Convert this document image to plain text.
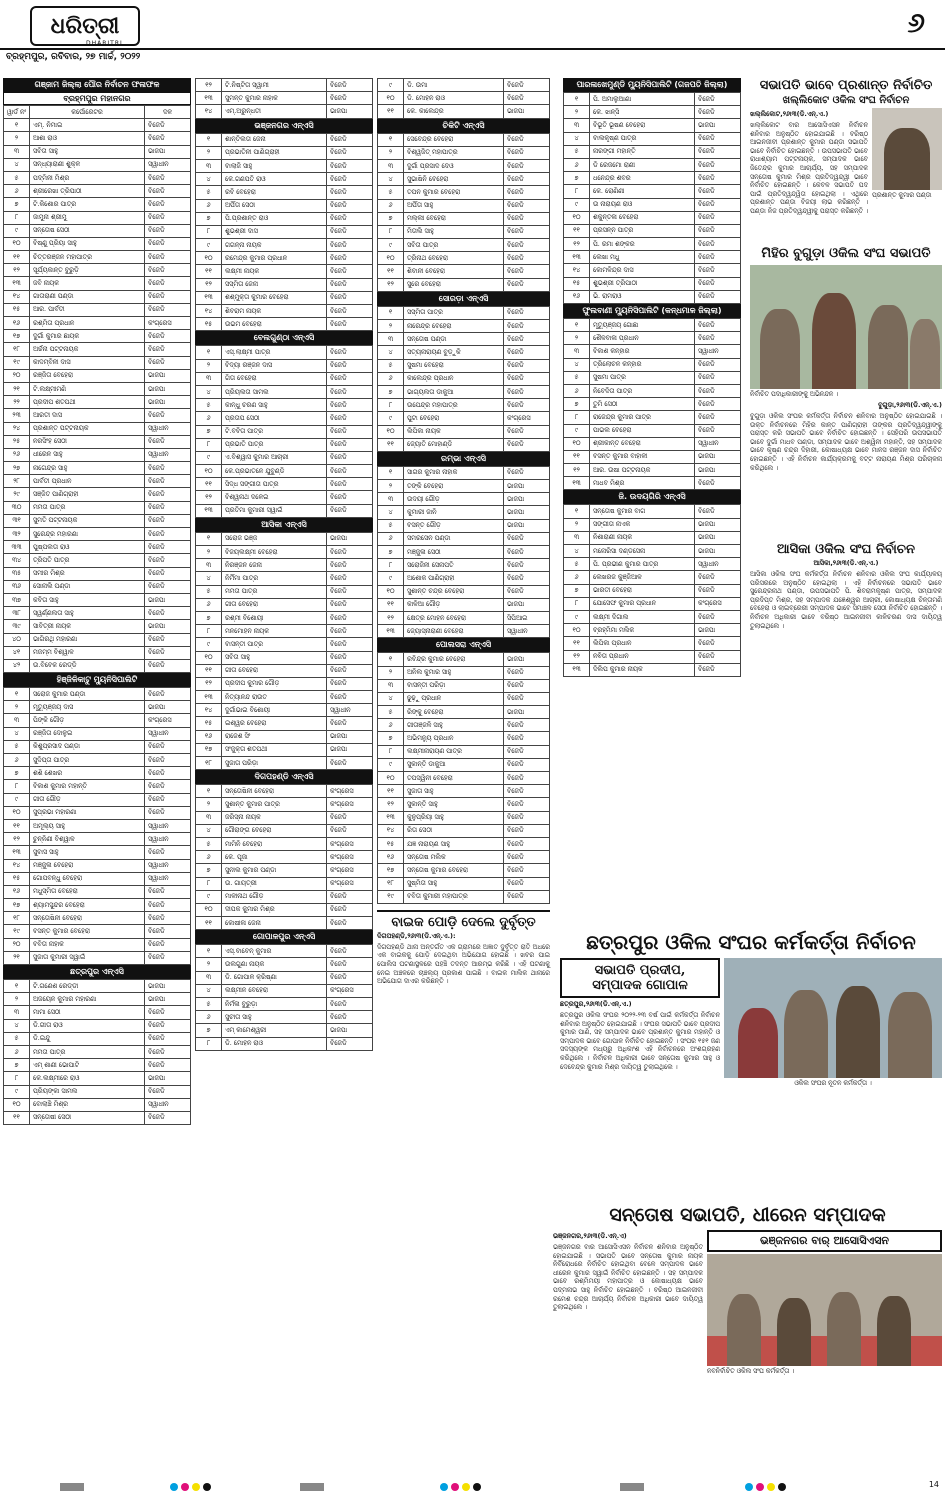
ଧରିତ୍ରୀ
DHARITRI
୬
ବ୍ରହ୍ମପୁର, ରବିବାର, ୨୭ ମାର୍ଚ୍ଚ, ୨୦୨୨
ଗଞ୍ଜାମ ଜିଲ୍ଲା ପୌର ନିର୍ବାଚନ ଫଳାଫଳ
ବ୍ରହ୍ମପୁର ମହାନଗର
ୱାର୍ଡ ନଂ	କର୍ପୋରେଟର	ଦଳ
୧	ଏମ୍. ନିମାଇ	ବିଜେଡି
୨	ଆଶା ରାଓ	ବିଜେଡି
୩	ସବିତା ସାହୁ	ଭାଜପା
୪	ସନ୍ଧ୍ୟାରାଣୀ ଶୁକ୍ଳ	ସ୍ୱାଧୀନ
୫	ପଦ୍ମିନୀ ମିଶ୍ର	ବିଜେଡି
୬	ଶ୍ରୀରେଖା ତ୍ରିପାଠୀ	ବିଜେଡି
୭	ଟି.କିଶୋର ପାତ୍ର	ବିଜେଡି
୮	ଜାମୁନା ଶ୍ରୀମୁ	ବିଜେଡି
୯	ସନ୍ତୋଷ ସେଠୀ	ବିଜେଡି
୧୦	ବିଷ୍ଣୁ ପ୍ରିୟା ସାହୁ	ବିଜେଡି
୧୧	ଚିତ୍ତରଞ୍ଜନ ମହାପାତ୍ର	ବିଜେଡି
୧୨	ସୂର୍ଯ୍ୟକାନ୍ତ ବୁରୁଡ଼ି	ବିଜେଡି
୧୩	ଜବି ନାୟକ	ବିଜେଡି
୧୪	ଗାତାରାଣୀ ପଣ୍ଡା	ବିଜେଡି
୧୫	ଆର. ପାର୍ବତୀ	ବିଜେଡି
୧୬	ରଶ୍ମିତା ପ୍ରଧାନ	କଂଗ୍ରେସ
୧୭	ଦୁର୍ଗା କୁମାର ଛାୟକ	ବିଜେଡି
୧୮	ଅର୍ଚ୍ଚନା ପଟ୍ଟନାୟକ	ବିଜେଡି
୧୯	କାଦମ୍ବିନୀ ଦାସ	ବିଜେଡି
୨୦	ରଞ୍ଜିତା ବେହେରା	ଭାଜପା
୨୧	ଟି.ଲକ୍ଷ୍ମୀମଣି	ଭାଜପା
୨୨	ପ୍ରଦୀପ ଶତପଥୀ	ଭାଜପା
୨୩	ଆରତୀ ଦାସ	ବିଜେଡି
୨୪	ପ୍ରଶାନ୍ତ ପଟ୍ଟନାୟକ	ସ୍ୱାଧୀନ
୨୫	ନରସିଂହ ସେଠୀ	ବିଜେଡି
୨୬	ଧୀରେନ ସାହୁ	ସ୍ୱାଧୀନ
୨୭	ନାଗେନ୍ଦ୍ର ସାହୁ	ବିଜେଡି
୨୮	ପାର୍ବତୀ ପ୍ରଧାନ	ବିଜେଡି
୨୯	ସଞ୍ଜିତ ପାଣିଗ୍ରାହୀ	ବିଜେଡି
୩୦	ମମତା ପାତ୍ର	ବିଜେଡି
୩୧	ସୁମତି ପଟ୍ଟନାୟକ	ବିଜେଡି
୩୨	ସୁରେନ୍ଦ୍ର ମହାରଣା	ବିଜେଡି
୩୩	ପୁଷ୍ପଲତା ରାଓ	ବିଜେଡି
୩୪	ତ୍ରିପତି ପାତ୍ର	ବିଜେଡି
୩୫	ସମୀର ମିଶ୍ର	ବିଜେଡି
୩୬	ସୋନାଲି ପଣ୍ଡା	ବିଜେଡି
୩୭	କବିତା ସାହୁ	ଭାଜପା
୩୮	ସ୍ୱର୍ଣ୍ଣଲତା ସାହୁ	ବିଜେଡି
୩୯	ସାବିତ୍ରୀ ନାୟକ	ଭାଜପା
୪୦	ଭାଗିରଥି ମହାରଣା	ବିଜେଡି
୪୧	ମଜମ୍ମ ବିଶ୍ୱାଳ	ବିଜେଡି
୪୨	ଉ.ବିବେକ ରେଡ୍ଡି	ବିଜେଡି
ହିଞ୍ଜିଳିକାଟୁ ମ୍ୟୁନିସିପାଲିଟି
୧	ସରୋଜ କୁମାର ପଣ୍ଡା	ବିଜେଡି
୨	ମୃତ୍ୟୁଞ୍ଜୟ ଦାସ	ଭାଜପା
୩	ପିଙ୍କି ଗୌଡ଼	କଂଗ୍ରେସ
୪	ରଞ୍ଜିତା ଦୋଳୁଇ	ସ୍ୱାଧୀନ
୫	କିଶୁପ୍ରସାଦ ପଣ୍ଡା	ବିଜେଡି
୬	ସୁଦିପ୍ତା ପାତ୍ର	ବିଜେଡି
୭	ଶଶି ଶେଖର	ବିଜେଡି
୮	ବିକାଶ କୁମାର ମହାନ୍ତି	ବିଜେଡି
୯	ଗୀତା ଗୌଡ଼	ବିଜେଡି
୧୦	ସୁପ୍ରଭା ମହାରଣା	ବିଜେଡି
୧୧	ଅମୂଲ୍ୟ ସାହୁ	ସ୍ୱାଧୀନ
୧୨	ଚୁନ୍ନିଣୀ ବିଶ୍ୱାଳ	ସ୍ୱାଧୀନ
୧୩	ସୁବାସ ସାହୁ	ବିଜେଡି
୧୪	ମଞ୍ଜୁଳା ବେହେରା	ସ୍ୱାଧୀନ
୧୫	ଗୋପବନ୍ଧୁ ବେହେରା	ସ୍ୱାଧୀନ
୧୬	ମଧୁସ୍ମିତା ବେହେରା	ବିଜେଡି
୧୭	ଶ୍ୟାମସୁନ୍ଦର ବେହେରା	ବିଜେଡି
୧୮	ସନ୍ତୋଷିନୀ ବେହେରା	ବିଜେଡି
୧୯	ବସନ୍ତ କୁମାର ବେହେରା	ବିଜେଡି
୨୦	ବବିତା ନାହାକ	ବିଜେଡି
୨୧	ସୁଜାତା କୁମାରୀ ସ୍ୱାଇଁ	ବିଜେଡି
ଛତ୍ରପୁର ଏନ୍‌ଏସି
୧	ଟି.ଗଣେଶ ରେଡ୍ଡୀ	ଭାଜପା
୨	ଅଜୟେନ କୁମାର ମହାରଣା	ଭାଜପା
୩	ମାମା ସେଠୀ	ବିଜେଡି
୪	ଡି.ଗୀତା ରାଓ	ବିଜେଡି
୫	ଡି.ଇନ୍ଦୁ	ବିଜେଡି
୬	ମମତା ପାତ୍ର	ବିଜେଡି
୭	ଏମ୍ ଶାଣୀ ଭୋପାଟି	ବିଜେଡି
୮	କେ.ଲକ୍ଷ୍ମୀରେ ରାଓ	ଭାଜପା
୯	ପ୍ରିୟଙ୍କା ସାମଲ	ବିଜେଡି
୧୦	ବୋଲାଞ୍ଚି ମିଶ୍ର	ସ୍ୱାଧୀନ
୧୧	ସନ୍ତୋଷୀ ସେଠୀ	ବିଜେଡି
୧୨	ଟି.ନିଷ୍ଟିତା ସ୍ୱାମୀ	ବିଜେଡି
୧୩	ସୁମନ୍ତ କୁମାର ନାହାକ	ବିଜେଡି
୧୪	ଏମ୍.ଅରୁନ୍ଧତୀ	ଭାଜପା
ଭଞ୍ଜନଗର ଏନ୍‌ଏସି
୧	ଶାନ୍ତିଲତା ଜେନା	ବିଜେଡି
୨	ପ୍ରଭାତିନୀ ପାଣିଗ୍ରାହୀ	ବିଜେଡି
୩	ବାଲାଜି ସାହୁ	ବିଜେଡି
୪	କେ.ଗଣପତି ରାଓ	ବିଜେଡି
୫	ରବି ବେହେରା	ବିଜେଡି
୬	ଅର୍ପିତା ସେଠୀ	ବିଜେଡି
୭	ପି.ପ୍ରଶାନ୍ତ ରାଓ	ବିଜେଡି
୮	ଶୁଭଶ୍ରୀ ଦାସ	ବିଜେଡି
୯	ଗଗନ୍ନା ନାୟକ	ବିଜେଡି
୧୦	ରମେନ୍ଦ୍ର କୁମାର ପ୍ରଧାନ	ବିଜେଡି
୧୧	ଲକ୍ଷ୍ମୀ ନାୟକ	ବିଜେଡି
୧୨	ସସ୍ମିତା ଜେନା	ବିଜେଡି
୧୩	ଶଶ୍ମୁକ୍ତା କୁମାର ବେହେରା	ବିଜେଡି
୧୪	ଶିବରାମ ନାୟକ	ବିଜେଡି
୧୫	ଉଭମ ବେହେରା	ବିଜେଡି
ବେଲଗୁଣ୍ଠା ଏନ୍‌ଏସି
୧	ଏସ୍.ଲାକ୍ଷ୍ମୀ ପାତ୍ର	ବିଜେଡି
୨	ବିଦ୍ୟା ରଞ୍ଜନ ଦାସ	ବିଜେଡି
୩	ଗିତା ବେହେରା	ବିଜେଡି
୪	ପ୍ରିୟଲତା ସାମଲ	ବିଜେଡି
୫	କାନ୍ଧୁ ଚରଣ ସାହୁ	ବିଜେଡି
୬	ପ୍ରତାପ ସେଠୀ	ବିଜେଡି
୭	ଟି.ବବିତା ପାତ୍ର	ବିଜେଡି
୮	ପ୍ରଭାତି ପାତ୍ର	ବିଜେଡି
୯	ଏ.ବିଶ୍ୱାସ କୁମାର ଆଚାରୀ	ବିଜେଡି
୧୦	କେ.ପ୍ରଭାତନେ ଯୁବୁଣ୍ଡି	ବିଜେଡି
୧୧	ସିଦ୍ଧ ସଙ୍ଗୀତା ପାତ୍ର	ବିଜେଡି
୧୨	ବିଶ୍ୱନାଥ ଦଳେଇ	ବିଜେଡି
୧୩	ପ୍ରତିମା କୁମାରୀ ସ୍ୱାଇଁ	ବିଜେଡି
ଆସିକା ଏନ୍‌ଏସି
୧	ସରୋଜ ଭଞ୍ଜ	ଭାଜପା
୨	ବିଜୟଲକ୍ଷ୍ମୀ ବେହେରା	ବିଜେଡି
୩	ନିରଞ୍ଜନ ଜେନା	ବିଜେଡି
୪	ନିର୍ମିମା ପାତ୍ର	ବିଜେଡି
୫	ମମତା ପାତ୍ର	ବିଜେଡି
୬	ଗୀତା ବେହେରା	ବିଜେଡି
୭	ରଶ୍ମୀ ବିଶୋୟୀ	ବିଜେଡି
୮	ମନମୋହନ ନାୟକ	ବିଜେଡି
୯	ବାସନ୍ତୀ ପାତ୍ର	ବିଜେଡି
୧୦	ସବିତା ସାହୁ	ବିଜେଡି
୧୧	ଗୀତା ବେହେରା	ବିଜେଡି
୧୨	ପ୍ରଦୀପ କୁମାର ଗୌଡ଼	ବିଜେଡି
୧୩	ନିତ୍ୟାନନ୍ଦ ରାଉତ	ବିଜେଡି
୧୪	ଦୁର୍ଗାଭାଇ ବିଶୋୟୀ	ସ୍ୱାଧୀନ
୧୫	ଇଶ୍ୱର ବେହେରା	ବିଜେଡି
୧୬	ରାଜେଶ ସିଂ	ଭାଜପା
୧୭	ସଂଜୁକ୍ତା ଶତପଥୀ	ଭାଜପା
୧୮	ସୁଜାତା ପରିଡ଼ା	ବିଜେଡି
ଦିଗପହଣ୍ଡି ଏନ୍‌ଏସି
୧	ସନ୍ତୋଷିନୀ ବେହେରା	କଂଗ୍ରେସ
୨	ସୁଶାନ୍ତ କୁମାର ପାତ୍ର	କଂଗ୍ରେସ
୩	ଜରିସ୍ନା ନାୟକ	ବିଜେଡି
୪	ଗୌରାଙ୍ଗ ବେହେରା	ବିଜେଡି
୫	ମାମିନି ବେହେରା	କଂଗ୍ରେସ
୬	କେ. ପୂଜା	କଂଗ୍ରେସ
୭	ସୁନୀଲ କୁମାର ପଣ୍ଡା	କଂଗ୍ରେସ
୮	ଉ. ଗାୟତ୍ରୀ	କଂଗ୍ରେସ
୯	ମାଳୀନାଥ ଗୌଡ଼	ବିଜେଡି
୧୦	ଦୀପକ କୁମାର ମିଶ୍ର	ବିଜେଡି
୧୧	କୋଷୀଳା ଜେନା	ବିଜେଡି
ଗୋପାଳପୁର ଏନ୍‌ଏସି
୧	ଏସ୍.ବାବେନ୍ କୁମାର	ବିଜେଡି
୨	ଉଲଗୁଣା ନାୟକ	ବିଜେଡି
୩	ଡି. ଗୋପାଳ କ୍ରିଷ୍ଣା	ବିଜେଡି
୪	ଲକ୍ଷ୍ମୀନ ବେହେରା	କଂଗ୍ରେସ
୫	ନିର୍ମଳା ବୁରୁଡ଼ା	ବିଜେଡି
୬	ସୁଚୀତା ସାହୁ	ବିଜେଡି
୭	ଏମ୍ କାମେଶ୍ୱରୀ	ଭାଜପା
୮	ଡି. ମୋହନ ରାଓ	ବିଜେଡି
୯	ଡି. ଉମା	ବିଜେଡି
୧୦	ଡି. ମୋହନ ରାଓ	ବିଜେଡି
୧୧	କେ. କାଲେନ୍ଦ୍ର	ଭାଜପା
ଚିକିଟି ଏନ୍‌ଏସି
୧	ସେବେନ୍ଦ୍ର ବେହେରା	ବିଜେଡି
୨	ବିଶ୍ୱଜିତ୍ ମହାପାତ୍ର	ବିଜେଡି
୩	ଦୁର୍ଗା ପ୍ରସାଦ ଦେଓ	ବିଜେଡି
୪	ସୁଭାଷିନି ବେହେରା	ବିଜେଡି
୫	ତପନ କୁମାର ବେହେରା	ବିଜେଡି
୬	ଅର୍ପିତା ସାହୁ	ବିଜେଡି
୭	ମଲ୍ଲୀ ବେହେରା	ବିଜେଡି
୮	ମିତାଲି ସାହୁ	ବିଜେଡି
୯	ସବିତା ପାତ୍ର	ବିଜେଡି
୧୦	ତ୍ରିନାଥ ବେହେରା	ବିଜେଡି
୧୧	ଶିବାନୀ ବେହେରା	ବିଜେଡି
୧୨	ସୁରେ ବେହେରା	ବିଜେଡି
ସୋରଡ଼ା ଏନ୍‌ଏସି
୧	ସସ୍ମିତା ପାତ୍ର	ବିଜେଡି
୨	ନାରେନ୍ଦ୍ର ବେହେରା	ବିଜେଡି
୩	ସନ୍ତୋଷ ପଣ୍ଡା	ବିଜେଡି
୪	ସତ୍ୟନାରାୟଣ ବୁଡ଼ୁକି	ବିଜେଡି
୫	ସୁଷମା ବେହେରା	ବିଜେଡି
୬	କାଲେନ୍ଦ୍ର ପ୍ରଧାନ	ବିଜେଡି
୭	ଭାଗ୍ୟଲତା ଡାକୁଆ	ବିଜେଡି
୮	ଉପେନ୍ଦ୍ର ମହାପାତ୍ର	ବିଜେଡି
୯	ପୁଟା ବେହେରା	କଂଗ୍ରେସ
୧୦	ଲିପିକା ନାୟକ	ବିଜେଡି
୧୧	ଜ୍ୟୋତି ମୋହାଣ୍ଡି	ବିଜେଡି
ରମ୍ଭା ଏନ୍‌ଏସି
୧	ସାଗର କୁମାର ନାହାକ	ବିଜେଡି
୨	ତଙ୍କି ବେହେରା	ଭାଜପା
୩	ଉଦୟୀ ଗୌଡ଼	ଭାଜପା
୪	କୁମାରୀ ଜାନି	ଭାଜପା
୫	ବସନ୍ତ ଗୌଡ଼	ଭାଜପା
୬	ସମରସେନ ପଣ୍ଡା	ବିଜେଡି
୭	ମଞ୍ଜୁଳା ସେଠୀ	ବିଜେଡି
୮	ସରୋଜିନୀ ସେନାପତି	ବିଜେଡି
୯	ଅଶୋକ ପାଣିଗ୍ରାହୀ	ବିଜେଡି
୧୦	ସୁଶାନ୍ତ ଚନ୍ଦ୍ର ବେହେରା	ବିଜେଡି
୧୧	କାଳିଆ ଗୌଡ଼	ଭାଜପା
୧୨	କ୍ଷେତ୍ର ମୋହନ ବେହେରା	ସିପିଆଇ
୧୩	ଜ୍ୟୋସ୍ନାରାଣୀ ବେହେରା	ସ୍ୱାଧୀନ
ପୋଲସରା ଏନ୍‌ଏସି
୧	ରବିନ୍ଦ୍ର କୁମାର ବେହେରା	ଭାଜପା
୨	ଅନିଲ କୁମାର ସାହୁ	ବିଜେଡି
୩	ବାସନ୍ତୀ ପରିଡ଼ା	ବିଜେଡି
୪	ଢୁଢ଼ୁ ପ୍ରଧାନ	ବିଜେଡି
୫	ରିଙ୍କୁ ବେହେରା	ଭାଜପା
୬	ଗୀତାଞ୍ଜଳି ସାହୁ	ବିଜେଡି
୭	ଅଭିମନ୍ୟୁ ପ୍ରଧାନ	ବିଜେଡି
୮	ଲକ୍ଷ୍ମୀନାରାୟଣ ପାତ୍ର	ବିଜେଡି
୯	ସୁକାନ୍ତି ଡାକୁଆ	ବିଜେଡି
୧୦	ତପସ୍ୱିନୀ ବେହେରା	ବିଜେଡି
୧୧	ସୁଜାତା ସାହୁ	ବିଜେଡି
୧୨	ସୁକାନ୍ତି ସାହୁ	ବିଜେଡି
୧୩	କୁନୁପ୍ରିୟା ସାହୁ	ବିଜେଡି
୧୪	ରିତା ସେଠୀ	ବିଜେଡି
୧୫	ଯଜ୍ଞ ନାରାୟଣ ସାହୁ	ବିଜେଡି
୧୬	ସନ୍ତୋଷ ମଲିକ	ବିଜେଡି
୧୭	ସନ୍ତୋଷ କୁମାର ବେହେରା	ବିଜେଡି
୧୮	ସୁଷ୍ମିତା ସାହୁ	ବିଜେଡି
୧୯	ବବିତା କୁମାରୀ ମହାପାତ୍ର	ବିଜେଡି
ବାଇକ ପୋଡ଼ି ଦେଲେ ଦୁର୍ବୃତ୍ତ
ଦିଗପହଣ୍ଡି,୨୬ା୩(ଡି.ଏନ୍.ଏ.):
ଦିଗପହଣ୍ଡି ଥାନା ଅନ୍ତର୍ଗତ ଏକ ଗ୍ରାମରେ ଅଜ୍ଞାତ ଦୁର୍ବୃତ୍ତ ରାତି ଅଧରେ ଏକ ବାଇକକୁ ପୋଡ଼ି ଦେଇଥିବା ଅଭିଯୋଗ ହୋଇଛି । ଖବର ପାଇ ପୋଲିସ ଘଟଣାସ୍ଥଳରେ ପହଞ୍ଚି ତଦନ୍ତ ଆରମ୍ଭ କରିଛି । ଏହି ଘଟଣାକୁ ନେଇ ଅଞ୍ଚଳରେ ଚାଞ୍ଚଲ୍ୟ ପ୍ରକାଶ ପାଇଛି । ବାଇକ ମାଲିକ ଥାନାରେ ଅଭିଯୋଗ ଦାଏର କରିଛନ୍ତି ।
ପାରଳାଖେମୁଣ୍ଡି ମ୍ୟୁନିସିପାଲିଟି (ଗଜପତି ଜିଲ୍ଲା)
୧	ପି. ଅମାଲୁଆଣା	ବିଜେଡି
୨	କେ. ଝାନ୍ସି	ବିଜେଡି
୩	ବିଭୂତି ଭୂଷଣ ବେହେରା	ଭାଜପା
୪	ବାଲକୃଷ୍ଣ ପାତ୍ର	ବିଜେଡି
୫	ନାରଙ୍ଗୀ ମହାନ୍ତି	ବିଜେଡି
୬	ଡି ରେଜମୋ ରାଣୀ	ବିଜେଡି
୭	ଧନେନ୍ଦ୍ର ଶବର	ବିଜେଡି
୮	କେ. ରୋଣିଣୀ	ବିଜେଡି
୯	ଉ ନାରାୟଣ ରାଓ	ବିଜେଡି
୧୦	ଶକୁନ୍ତଳା ବେହେରା	ବିଜେଡି
୧୧	ପ୍ରସନ୍ନ ପାତ୍ର	ବିଜେଡି
୧୨	ପି. ରମା ଶଙ୍କର	ବିଜେଡି
୧୩	ଲେଖା ମଧୁ	ବିଜେଡି
୧୪	କୋମଳିନ୍ଦ୍ର ଦାସ	ବିଜେଡି
୧୫	ଶୁଭଶ୍ରୀ ତ୍ରିପାଠୀ	ବିଜେଡି
୧୬	ଭି. ରାମରାଓ	ବିଜେଡି
ଫୁଲବାଣୀ ମ୍ୟୁନିସିପାଲିଟି (କନ୍ଧମାଳ ଜିଲ୍ଲା)
୧	ମୃତ୍ୟୁଞ୍ଜୟ ଗୋଛା	ବିଜେଡି
୨	ଶୈଳବାଳା ପ୍ରଧାନ	ବିଜେଡି
୩	ବିକାଶ କନ୍ହାର	ସ୍ୱାଧୀନ
୪	ତ୍ରିଲୋଚନ କନ୍ହାର	ବିଜେଡି
୫	ସୁଷମା ପାତ୍ର	ବିଜେଡି
୬	ନିବେଦିତା ପାତ୍ର	ବିଜେଡି
୭	ତୁମି ସେଠୀ	ବିଜେଡି
୮	ରାଜେନ୍ଦ୍ର କୁମାର ପାତ୍ର	ବିଜେଡି
୯	ପାଭଲ ବେହେରା	ବିଜେଡି
୧୦	ଶ୍ରୀକାନ୍ତ ବେହେରା	ସ୍ୱାଧୀନ
୧୧	ବସନ୍ତ କୁମାର ବାହାଳୀ	ଭାଜପା
୧୨	ଆର. ଉଷା ପଟ୍ଟନାୟକ	ଭାଜପା
୧୩	ମାଧବ ମିଶ୍ର	ବିଜେଡି
ଜି. ଉଦୟଗିରି ଏନ୍‌ଏସି
୧	ସନ୍ତୋଷ କୁମାର ବାଗ	ବିଜେଡି
୨	ସଙ୍ଗୀତା ନାଏକ	ଭାଜପା
୩	ନିଶାରାଣୀ ନାୟକ	ଭାଜପା
୪	ମନୋରିସା ଦଣ୍ଡସେନା	ଭାଜପା
୫	ପି. ପ୍ରଭୀଣ କୁମାର ପାତ୍ର	ସ୍ୱାଧୀନ
୬	ଲେଖରଜ କୁଞ୍ଜିଆଳ	ବିଜେଡି
୭	ଭାରତୀ ବେହେରା	ବିଜେଡି
୮	ଯୋସେଫ କୁମାର ପ୍ରଧାନ	କଂଗ୍ରେସ
୯	ଲକ୍ଷ୍ମୀ ଦିଗାଲ	ବିଜେଡି
୧୦	ବ୍ରହ୍ମିମା ମଲିକ	ଭାଜପା
୧୧	ଲିପିକା ପ୍ରଧାନ	ବିଜେଡି
୧୨	ନଵିତା ପ୍ରଧାନ	ବିଜେଡି
୧୩	ଦିଲିପ କୁମାର ନାୟକ	ବିଜେଡି
ସଭାପତି ଭାବେ ପ୍ରଶାନ୍ତ ନିର୍ବାଚିତ
ଖଲ୍ଲିକୋଟ ଓକିଲ ସଂଘ ନିର୍ବାଚନ
ଖଲ୍ଲିକୋଟ,୨୬ା୩(ଡି.ଏନ୍.ଏ.)
ଖଲ୍ଲିକୋଟ ବାର ଆସୋସିଏସନ ନିର୍ବାଚନ ଶନିବାର ଅନୁଷ୍ଠିତ ହୋଇଯାଇଛି । ବରିଷ୍ଠ ଆଇନଜୀବୀ ପ୍ରଶାନ୍ତ କୁମାର ପଣ୍ଡା ସଭାପତି ଭାବେ ନିର୍ବାଚିତ ହୋଇଛନ୍ତି । ଉପସଭାପତି ଭାବେ ରାଧାଶ୍ୟାମ ପଟ୍ଟନାୟକ, ସମ୍ପାଦକ ଭାବେ ଜିତେନ୍ଦ୍ର କୁମାର ଆଚାର୍ଯ୍ୟ, ସହ ସମ୍ପାଦକ ସନ୍ତୋଷ କୁମାର ମିଶ୍ର ପ୍ରତିଦ୍ୱନ୍ଦ୍ୱୀ ଭାବେ ନିର୍ବାଚିତ ହୋଇଛନ୍ତି । କେବଳ ସଭାପତି ପଦ ପାଇଁ ପ୍ରତିଦ୍ୱନ୍ଦ୍ୱିତା ହୋଇଥିଲା । ଏଥିରେ ପ୍ରଶାନ୍ତ ପଣ୍ଡା ବିଜୟୀ ଲାଭ କରିଛନ୍ତି । ପଣ୍ଡା ନିଜ ପ୍ରତିଦ୍ୱନ୍ଦ୍ୱୀକୁ ପରାସ୍ତ କରିଛନ୍ତି ।
ପ୍ରଶାନ୍ତ କୁମାର ପଣ୍ଡା
ମିହିର ବୁଗୁଡ଼ା ଓକିଲ ସଂଘ ସଭାପତି
ନିର୍ବାଚିତ ପଦାଧିକାରୀଙ୍କୁ ଅଭିନନ୍ଦନ ।
ବୁଗୁଡ଼ା,୨୬ା୩(ଡି.ଏନ୍.ଏ.)
ବୁଗୁଡ଼ା ଓକିଲ ସଂଘର କର୍ମକର୍ତ୍ତା ନିର୍ବାଚନ ଶନିବାର ଅନୁଷ୍ଠିତ ହୋଇଯାଇଛି । ଉକ୍ତ ନିର୍ବାଚନରେ ମିହିର କାନ୍ତ ପାଣିଗ୍ରାହୀ ତାଙ୍କର ପ୍ରତିଦ୍ୱନ୍ଦ୍ୱୀଙ୍କୁ ପରାସ୍ତ କରି ସଭାପତି ଭାବେ ନିର୍ବାଚିତ ହୋଇଛନ୍ତି । ସେହିପରି ଉପସଭାପତି ଭାବେ ଦୁର୍ଗା ମାଧବ ପଣ୍ଡା, ସମ୍ପାଦକ ଭାବେ ଅଶ୍ୱିନୀ ମହାନ୍ତି, ସହ ସମ୍ପାଦକ ଭାବେ କୃଷ୍ଣ ଚନ୍ଦ୍ର ଦିହାରୀ, କୋଷାଧ୍ୟକ୍ଷ ଭାବେ ମାନସ ରଞ୍ଜନ ଦାସ ନିର୍ବାଚିତ ହୋଇଛନ୍ତି । ଏହି ନିର୍ବାଚନ କାର୍ଯ୍ୟକ୍ରମକୁ ବଟ୍ଟ ନାରାୟଣ ମିଶ୍ର ପରିଚାଳନା କରିଥିଲେ ।
ଆସିକା ଓକିଲ ସଂଘ ନିର୍ବାଚନ
ଆସିକା,୨୬ା୩(ଡି.ଏନ୍.ଏ.)
ଆସିକା ଓକିଲ ସଂଘ କର୍ମକର୍ତ୍ତା ନିର୍ବାଚନ ଶନିବାର ଓକିଲ ସଂଘ କାର୍ଯ୍ୟାଳୟ ପରିସରରେ ଅନୁଷ୍ଠିତ ହୋଇଥିଲା । ଏହି ନିର୍ବାଚନରେ ସଭାପତି ଭାବେ ସୁରେନ୍ଦ୍ରନାଥ ପଣ୍ଡା, ଉପସଭାପତି ପି. ଶିବରାମକୃଷ୍ଣ ପାତ୍ର, ସମ୍ପାଦକ ପ୍ରଦିପ୍ତ ମିଶ୍ର, ସହ ସମ୍ପାଦକ ଯଜ୍ଞେଶ୍ୱର ଆଚାରୀ, କୋଷାଧ୍ୟକ୍ଷ ଚିନ୍ତାମଣି ବେହେରା ଓ ଲାଇବ୍ରେରୀ ସମ୍ପାଦକ ଭାବେ ସିମାଞ୍ଚଳ ସେଠୀ ନିର୍ବାଚିତ ହୋଇଛନ୍ତି । ନିର୍ବାଚନ ଅଧିକାରୀ ଭାବେ ବରିଷ୍ଠ ଆଇନଜୀବୀ କାଳିଚରଣ ଦାସ ଦାୟିତ୍ୱ ତୁଲାଇଥିଲେ ।
ଛତ୍ରପୁର ଓକିଲ ସଂଘର କର୍ମକର୍ତ୍ତା ନିର୍ବାଚନ
ସଭାପତି ପ୍ରଦୀପ,
ସମ୍ପାଦକ ଗୋପାଳ
ଛତ୍ରପୁର,୨୬ା୩(ଡି.ଏନ୍.ଏ.)
ଛତ୍ରପୁର ଓକିଲ ସଂଘର ୨୦୨୨-୨୩ ବର୍ଷ ପାଇଁ କର୍ମକର୍ତ୍ତା ନିର୍ବାଚନ ଶନିବାର ଅନୁଷ୍ଠିତ ହୋଇଯାଇଛି । ସଂଘର ସଭାପତି ଭାବେ ପ୍ରଦୀପ କୁମାର ପାଣି, ସହ ସମ୍ପାଦକ ଭାବେ ପ୍ରଶାନ୍ତ କୁମାର ମହାନ୍ତି ଓ ସମ୍ପାଦକ ଭାବେ ଗୋପାଳ ନିର୍ବାଚିତ ହୋଇଛନ୍ତି । ସଂଘର ୧୫୧ ଜଣ ସଦସ୍ୟଙ୍କ ମଧ୍ୟରୁ ଅଧିକାଂଶ ଏହି ନିର୍ବାଚନରେ ଅଂଶଗ୍ରହଣ କରିଥିଲେ । ନିର୍ବାଚନ ଅଧିକାରୀ ଭାବେ ସନ୍ତୋଷ କୁମାର ସାହୁ ଓ ଦେବେନ୍ଦ୍ର କୁମାର ମିଶ୍ର ଦାୟିତ୍ୱ ତୁଲାଇଥିଲେ ।
ଓକିଲ ସଂଘର ନୂତନ କର୍ମକର୍ତ୍ତା ।
ସନ୍ତୋଷ ସଭାପତି, ଧୀରେନ ସମ୍ପାଦକ
ଭଞ୍ଜନଗର,୨୬ା୩(ଡି.ଏନ୍.ଏ)
ଭଞ୍ଜନଗର ବାର ଆସୋସିଏସନ ନିର୍ବାଚନ ଶନିବାର ଅନୁଷ୍ଠିତ ହୋଇଯାଇଛି । ସଭାପତି ଭାବେ ସନ୍ତୋଷ କୁମାର ନାୟକ ନିର୍ବିରୋଧରେ ନିର୍ବାଚିତ ହୋଇଥିବା ବେଳେ ସମ୍ପାଦକ ଭାବେ ଧୀରେନ କୁମାର ସ୍ୱାଇଁ ନିର୍ବାଚିତ ହୋଇଛନ୍ତି । ସହ ସମ୍ପାଦକ ଭାବେ ରଶ୍ମିମୟୀ ମହାପାତ୍ର ଓ କୋଷାଧ୍ୟକ୍ଷ ଭାବେ ପଦ୍ମନାଭ ସାହୁ ନିର୍ବାଚିତ ହୋଇଛନ୍ତି । ବରିଷ୍ଠ ଆଇନଜୀବୀ ରମେଶ ଚନ୍ଦ୍ର ଆଚାର୍ଯ୍ୟ ନିର୍ବାଚନ ଅଧିକାରୀ ଭାବେ ଦାୟିତ୍ୱ ତୁଲାଇଥିଲେ ।
ଭଞ୍ଜନଗର ବାର୍ ଆସୋସିଏସନ
ନବନିର୍ବାଚିତ ଓକିଲ ସଂଘ କର୍ମକର୍ତ୍ତା ।
14
